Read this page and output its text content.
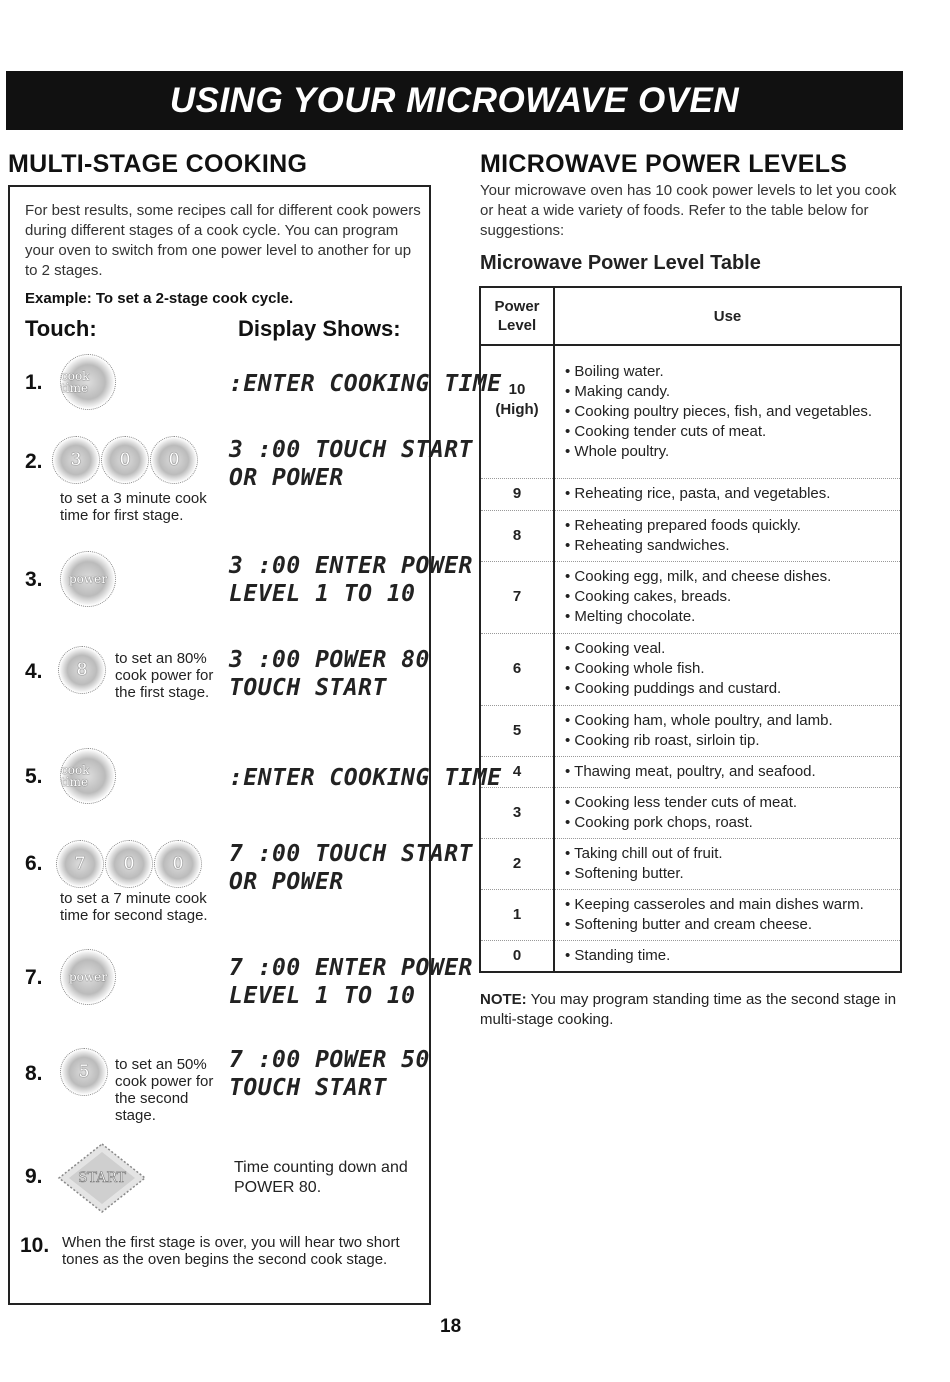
USING YOUR MICROWAVE OVEN
MULTI-STAGE COOKING
For best results, some recipes call for different cook powers during different stages of a cook cycle. You can program your oven to switch from one power level to another for up to 2 stages.
Example: To set a 2-stage cook cycle.
Touch:	Display Shows:
1. cook time	:ENTER COOKING TIME
2. 3 0 0
to set a 3 minute cook time for first stage.
3 :00 TOUCH START
OR POWER
3. power	3 :00 ENTER POWER
LEVEL 1 TO 10
4. 8
to set an 80% cook power for the first stage.
3 :00 POWER 80
TOUCH START
5. cook time	:ENTER COOKING TIME
6. 7 0 0
to set a 7 minute cook time for second stage.
7 :00 TOUCH START
OR POWER
7. power	7 :00 ENTER POWER
LEVEL 1 TO 10
8. 5 to set an 50% cook power for the second stage.
7 :00 POWER 50
TOUCH START
9.	START
Time counting down and POWER 80.
10. When the first stage is over, you will hear two short tones as the oven begins the second cook stage.
MICROWAVE POWER LEVELS
Your microwave oven has 10 cook power levels to let you cook or heat a wide variety of foods. Refer to the table below for suggestions:
Microwave Power Level Table
Power
Level	Use
10
(High)	• Boiling water.
• Making candy.
• Cooking poultry pieces, fish, and vegetables.
• Cooking tender cuts of meat.
• Whole poultry.

9	• Reheating rice, pasta, and vegetables.

8	• Reheating prepared foods quickly.
• Reheating sandwiches.

7	• Cooking egg, milk, and cheese dishes.
• Cooking cakes, breads.
• Melting chocolate.

6	• Cooking veal.
• Cooking whole fish.
• Cooking puddings and custard.

5	• Cooking ham, whole poultry, and lamb.
• Cooking rib roast, sirloin tip.

4	• Thawing meat, poultry, and seafood.

3	• Cooking less tender cuts of meat.
• Cooking pork chops, roast.

2	• Taking chill out of fruit.
• Softening butter.

1	• Keeping casseroles and main dishes warm.
• Softening butter and cream cheese.

0	• Standing time.
NOTE: You may program standing time as the second stage in multi-stage cooking.
18
